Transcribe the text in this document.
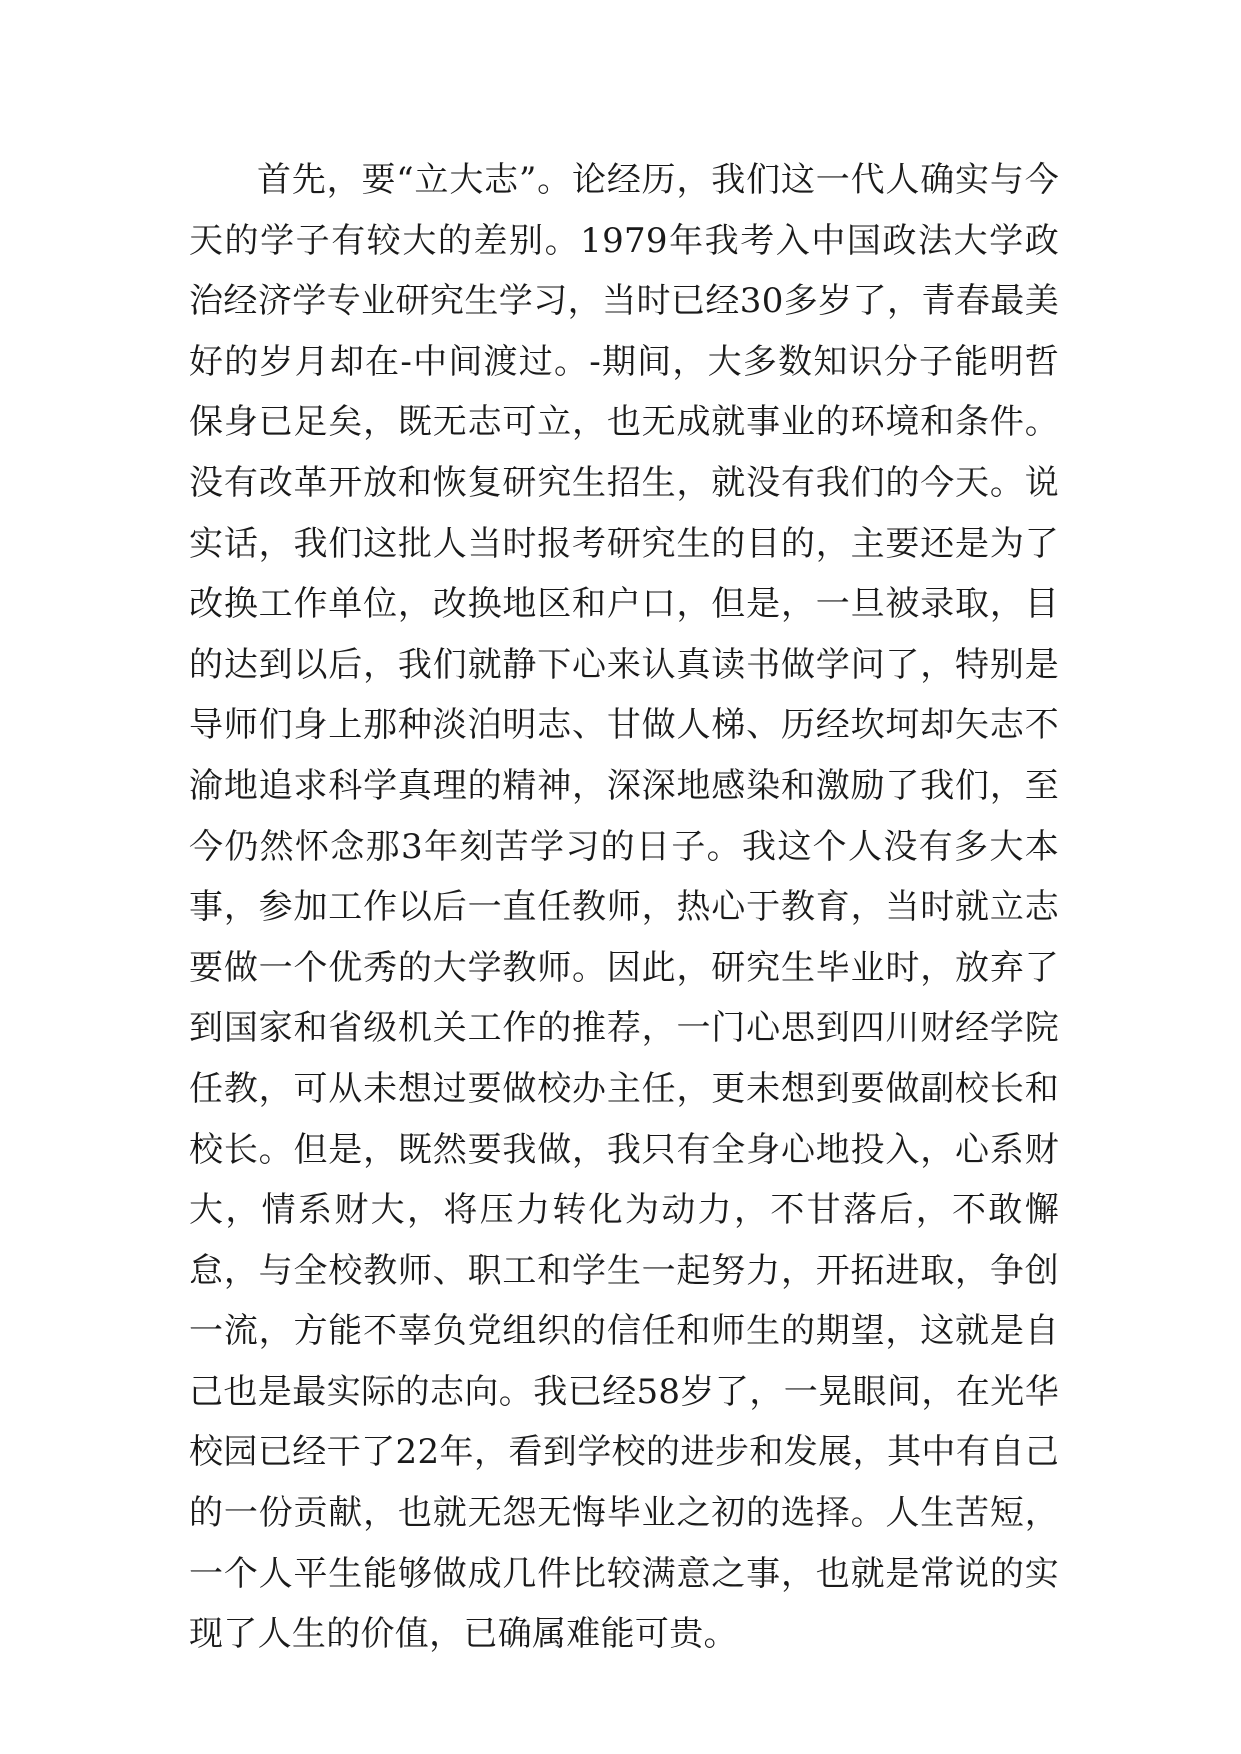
首先，要“立大志”。论经历，我们这一代人确实与今天的学子有较大的差别。1979年我考入中国政法大学政治经济学专业研究生学习，当时已经30多岁了，青春最美好的岁月却在-中间渡过。-期间，大多数知识分子能明哲保身已足矣，既无志可立，也无成就事业的环境和条件。没有改革开放和恢复研究生招生，就没有我们的今天。说实话，我们这批人当时报考研究生的目的，主要还是为了改换工作单位，改换地区和户口，但是，一旦被录取，目的达到以后，我们就静下心来认真读书做学问了，特别是导师们身上那种淡泊明志、甘做人梯、历经坎坷却矢志不渝地追求科学真理的精神，深深地感染和激励了我们，至今仍然怀念那3年刻苦学习的日子。我这个人没有多大本事，参加工作以后一直任教师，热心于教育，当时就立志要做一个优秀的大学教师。因此，研究生毕业时，放弃了到国家和省级机关工作的推荐，一门心思到四川财经学院任教，可从未想过要做校办主任，更未想到要做副校长和校长。但是，既然要我做，我只有全身心地投入，心系财大，情系财大，将压力转化为动力，不甘落后，不敢懈怠，与全校教师、职工和学生一起努力，开拓进取，争创一流，方能不辜负党组织的信任和师生的期望，这就是自己也是最实际的志向。我已经58岁了，一晃眼间，在光华校园已经干了22年，看到学校的进步和发展，其中有自己的一份贡献，也就无怨无悔毕业之初的选择。人生苦短，一个人平生能够做成几件比较满意之事，也就是常说的实现了人生的价值，已确属难能可贵。
